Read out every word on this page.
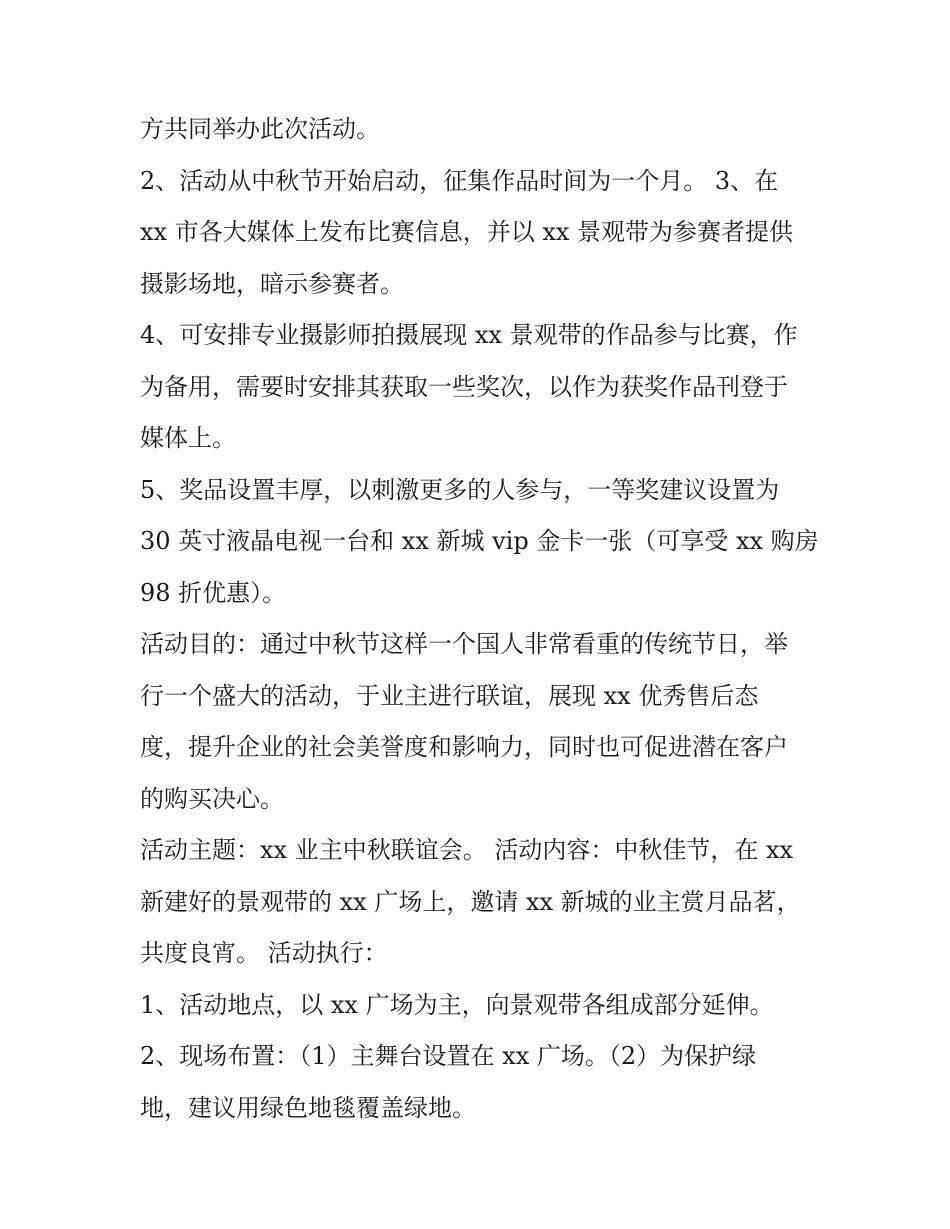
方共同举办此次活动。
2、活动从中秋节开始启动，征集作品时间为一个月。 3、在
xx 市各大媒体上发布比赛信息，并以 xx 景观带为参赛者提供
摄影场地，暗示参赛者。
4、可安排专业摄影师拍摄展现 xx 景观带的作品参与比赛，作
为备用，需要时安排其获取一些奖次，以作为获奖作品刊登于
媒体上。
5、奖品设置丰厚，以刺激更多的人参与，一等奖建议设置为
30 英寸液晶电视一台和 xx 新城 vip 金卡一张（可享受 xx 购房
98 折优惠）。
活动目的：通过中秋节这样一个国人非常看重的传统节日，举
行一个盛大的活动，于业主进行联谊，展现 xx 优秀售后态
度，提升企业的社会美誉度和影响力，同时也可促进潜在客户
的购买决心。
活动主题：xx 业主中秋联谊会。 活动内容：中秋佳节，在 xx
新建好的景观带的 xx 广场上，邀请 xx 新城的业主赏月品茗，
共度良宵。 活动执行：
1、活动地点，以 xx 广场为主，向景观带各组成部分延伸。
2、现场布置：（1）主舞台设置在 xx 广场。（2）为保护绿
地，建议用绿色地毯覆盖绿地。
